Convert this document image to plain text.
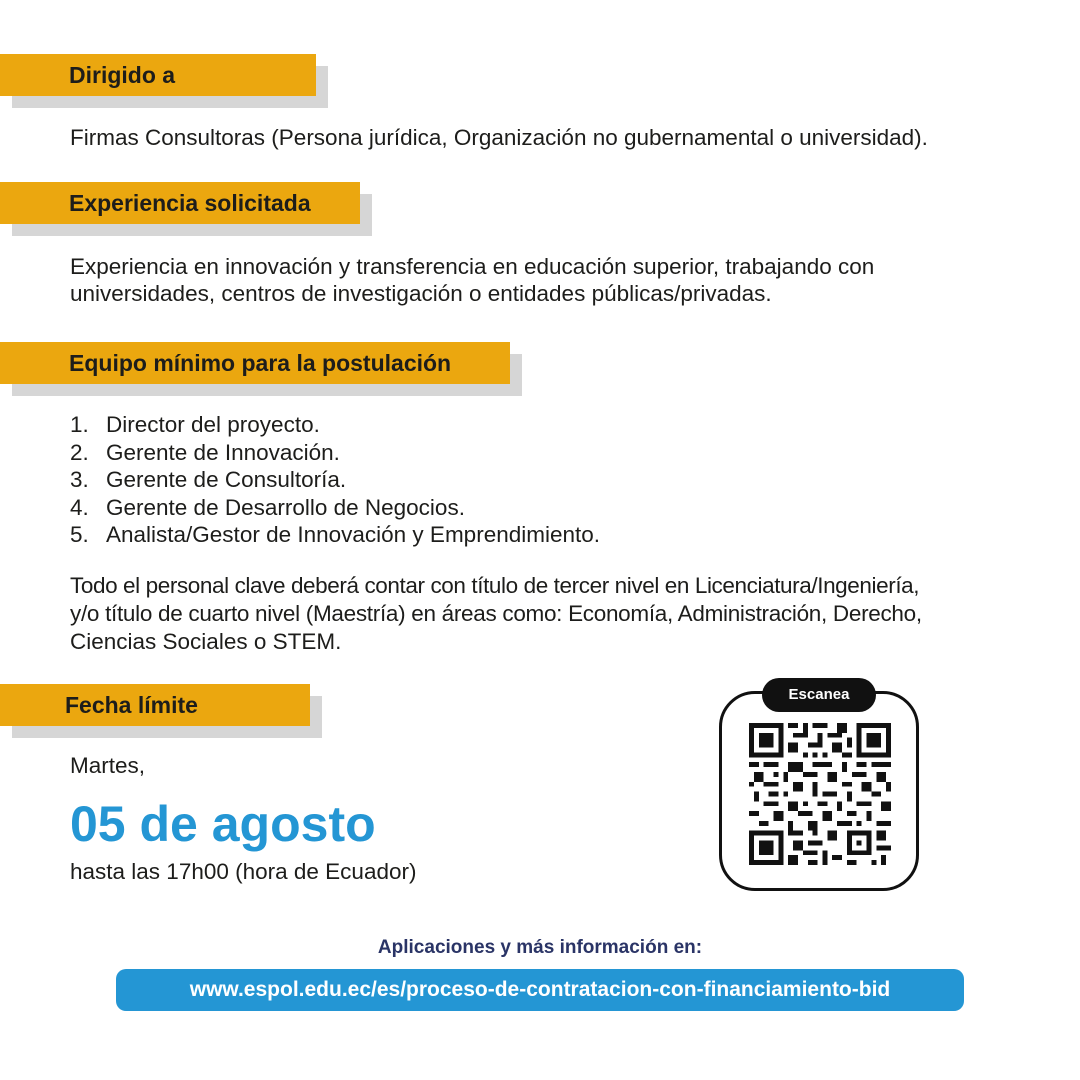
Dirigido a
Firmas Consultoras (Persona jurídica, Organización no gubernamental o universidad).
Experiencia solicitada
Experiencia en innovación y transferencia en educación superior, trabajando con
universidades, centros de investigación o entidades públicas/privadas.
Equipo mínimo para la postulación
1. Director del proyecto.
2. Gerente de Innovación.
3. Gerente de Consultoría.
4. Gerente de Desarrollo de Negocios.
5. Analista/Gestor de Innovación y Emprendimiento.
Todo el personal clave deberá contar con título de tercer nivel en Licenciatura/Ingeniería,
y/o título de cuarto nivel (Maestría) en áreas como: Economía, Administración, Derecho,
Ciencias Sociales o STEM.
Fecha límite
Martes,
05 de agosto
hasta las 17h00 (hora de Ecuador)
Escanea
Aplicaciones y más información en:
www.espol.edu.ec/es/proceso-de-contratacion-con-financiamiento-bid
